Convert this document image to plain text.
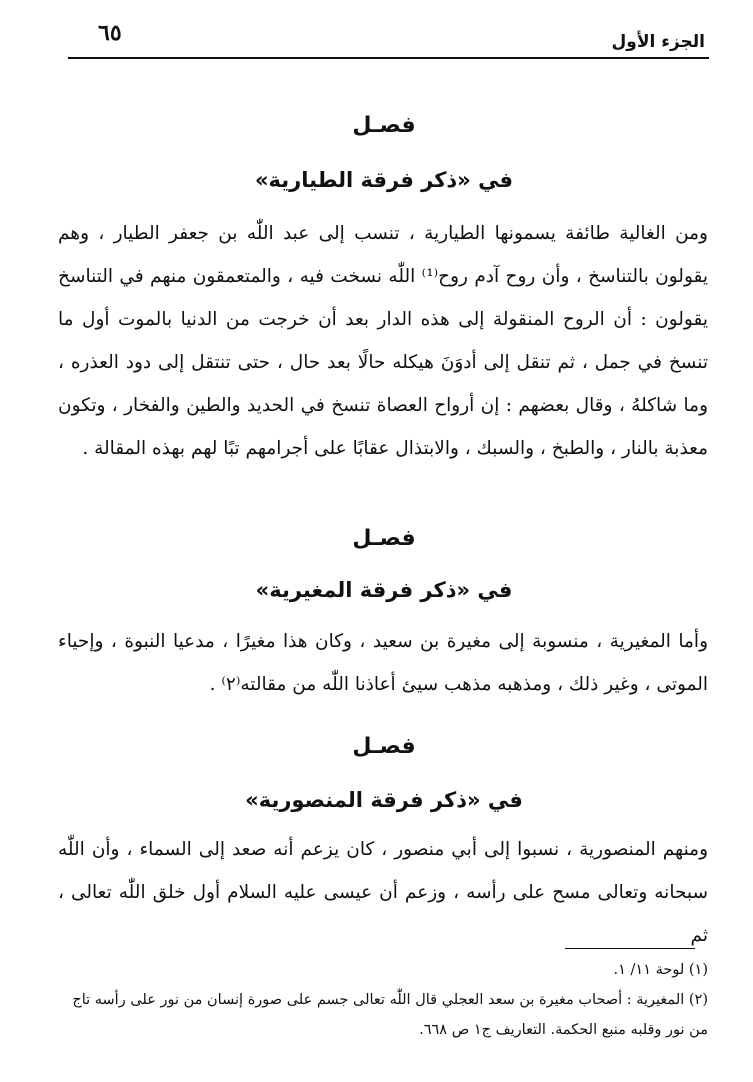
٦٥	الجزء الأول
فصـل
في «ذكر فرقة الطيارية»

ومن الغالية طائفة يسمونها الطيارية ، تنسب إلى عبد اللّٰه بن جعفر الطيار ، وهم يقولون بالتناسخ ، وأن روح آدم روح⁽¹⁾ اللّٰه نسخت فيه ، والمتعمقون منهم في التناسخ يقولون : أن الروح المنقولة إلى هذه الدار بعد أن خرجت من الدنيا بالموت أول ما تنسخ في جمل ، ثم تنقل إلى أدوَنَ هيكله حالًا بعد حال ، حتى تنتقل إلى دود العذره ، وما شاكلهُ ، وقال بعضهم : إن أرواح العصاة تنسخ في الحديد والطين والفخار ، وتكون معذبة بالنار ، والطبخ ، والسبك ، والابتذال عقابًا على أجرامهم تبًا لهم بهذه المقالة .

فصـل
في «ذكر فرقة المغيرية»

وأما المغيرية ، منسوبة إلى مغيرة بن سعيد ، وكان هذا مغيرًا ، مدعيا النبوة ، وإحياء الموتى ، وغير ذلك ، ومذهبه مذهب سيئ أعاذنا اللّٰه من مقالته⁽٢⁾ .

فصـل
في «ذكر فرقة المنصورية»

ومنهم المنصورية ، نسبوا إلى أبي منصور ، كان يزعم أنه صعد إلى السماء ، وأن اللّٰه سبحانه وتعالى مسح على رأسه ، وزعم أن عيسى عليه السلام أول خلق اللّٰه تعالى ، ثم

(١) لوحة ١١/ ١.

(٢) المغيرية : أصحاب مغيرة بن سعد العجلي قال اللّٰه تعالى جسم على صورة إنسان من نور على رأسه تاج من نور وقلبه منبع الحكمة. التعاريف ج١ ص ٦٦٨.
